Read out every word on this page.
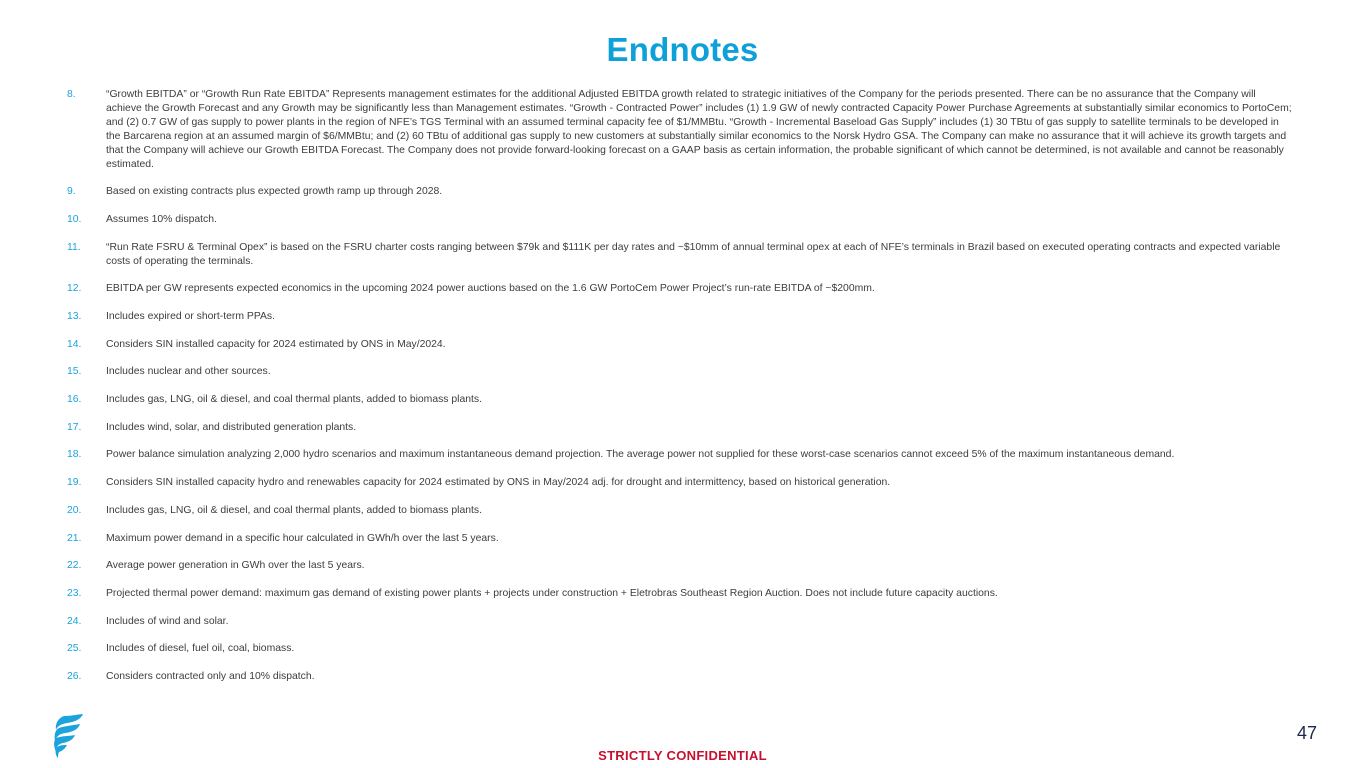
Endnotes
8.	“Growth EBITDA” or “Growth Run Rate EBITDA” Represents management estimates for the additional Adjusted EBITDA growth related to strategic initiatives of the Company for the periods presented. There can be no assurance that the Company will achieve the Growth Forecast and any Growth may be significantly less than Management estimates. “Growth - Contracted Power” includes (1) 1.9 GW of newly contracted Capacity Power Purchase Agreements at substantially similar economics to PortoCem; and (2) 0.7 GW of gas supply to power plants in the region of NFE’s TGS Terminal with an assumed terminal capacity fee of $1/MMBtu. “Growth - Incremental Baseload Gas Supply” includes (1) 30 TBtu of gas supply to satellite terminals to be developed in the Barcarena region at an assumed margin of $6/MMBtu; and (2) 60 TBtu of additional gas supply to new customers at substantially similar economics to the Norsk Hydro GSA. The Company can make no assurance that it will achieve its growth targets and that the Company will achieve our Growth EBITDA Forecast. The Company does not provide forward-looking forecast on a GAAP basis as certain information, the probable significant of which cannot be determined, is not available and cannot be reasonably estimated.
9.	Based on existing contracts plus expected growth ramp up through 2028.
10.	Assumes 10% dispatch.
11.	“Run Rate FSRU & Terminal Opex” is based on the FSRU charter costs ranging between $79k and $111K per day rates and ~$10mm of annual terminal opex at each of NFE’s terminals in Brazil based on executed operating contracts and expected variable costs of operating the terminals.
12.	EBITDA per GW represents expected economics in the upcoming 2024 power auctions based on the 1.6 GW PortoCem Power Project’s run-rate EBITDA of ~$200mm.
13.	Includes expired or short-term PPAs.
14.	Considers SIN installed capacity for 2024 estimated by ONS in May/2024.
15.	Includes nuclear and other sources.
16.	Includes gas, LNG, oil & diesel, and coal thermal plants, added to biomass plants.
17.	Includes wind, solar, and distributed generation plants.
18.	Power balance simulation analyzing 2,000 hydro scenarios and maximum instantaneous demand projection. The average power not supplied for these worst-case scenarios cannot exceed 5% of the maximum instantaneous demand.
19.	Considers SIN installed capacity hydro and renewables capacity for 2024 estimated by ONS in May/2024 adj. for drought and intermittency, based on historical generation.
20.	Includes gas, LNG, oil & diesel, and coal thermal plants, added to biomass plants.
21.	Maximum power demand in a specific hour calculated in GWh/h over the last 5 years.
22.	Average power generation in GWh over the last 5 years.
23.	Projected thermal power demand: maximum gas demand of existing power plants + projects under construction + Eletrobras Southeast Region Auction. Does not include future capacity auctions.
24.	Includes of wind and solar.
25.	Includes of diesel, fuel oil, coal, biomass.
26.	Considers contracted only and 10% dispatch.
47
STRICTLY CONFIDENTIAL
